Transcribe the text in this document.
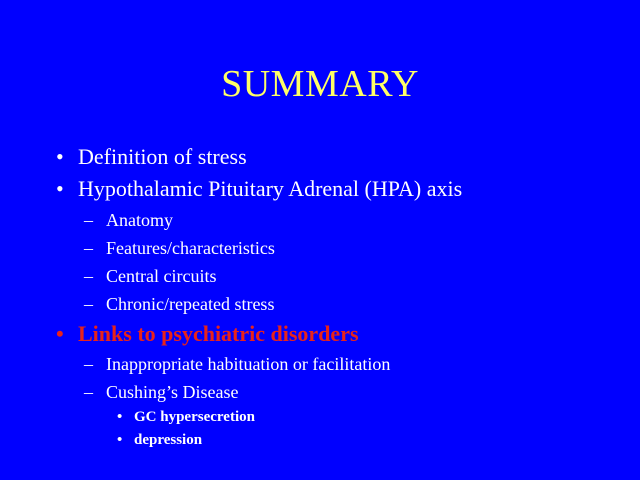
SUMMARY
• Definition of stress
• Hypothalamic Pituitary Adrenal (HPA) axis
– Anatomy
– Features/characteristics
– Central circuits
– Chronic/repeated stress
• Links to psychiatric disorders
– Inappropriate habituation or facilitation
– Cushing’s Disease
• GC hypersecretion
• depression
